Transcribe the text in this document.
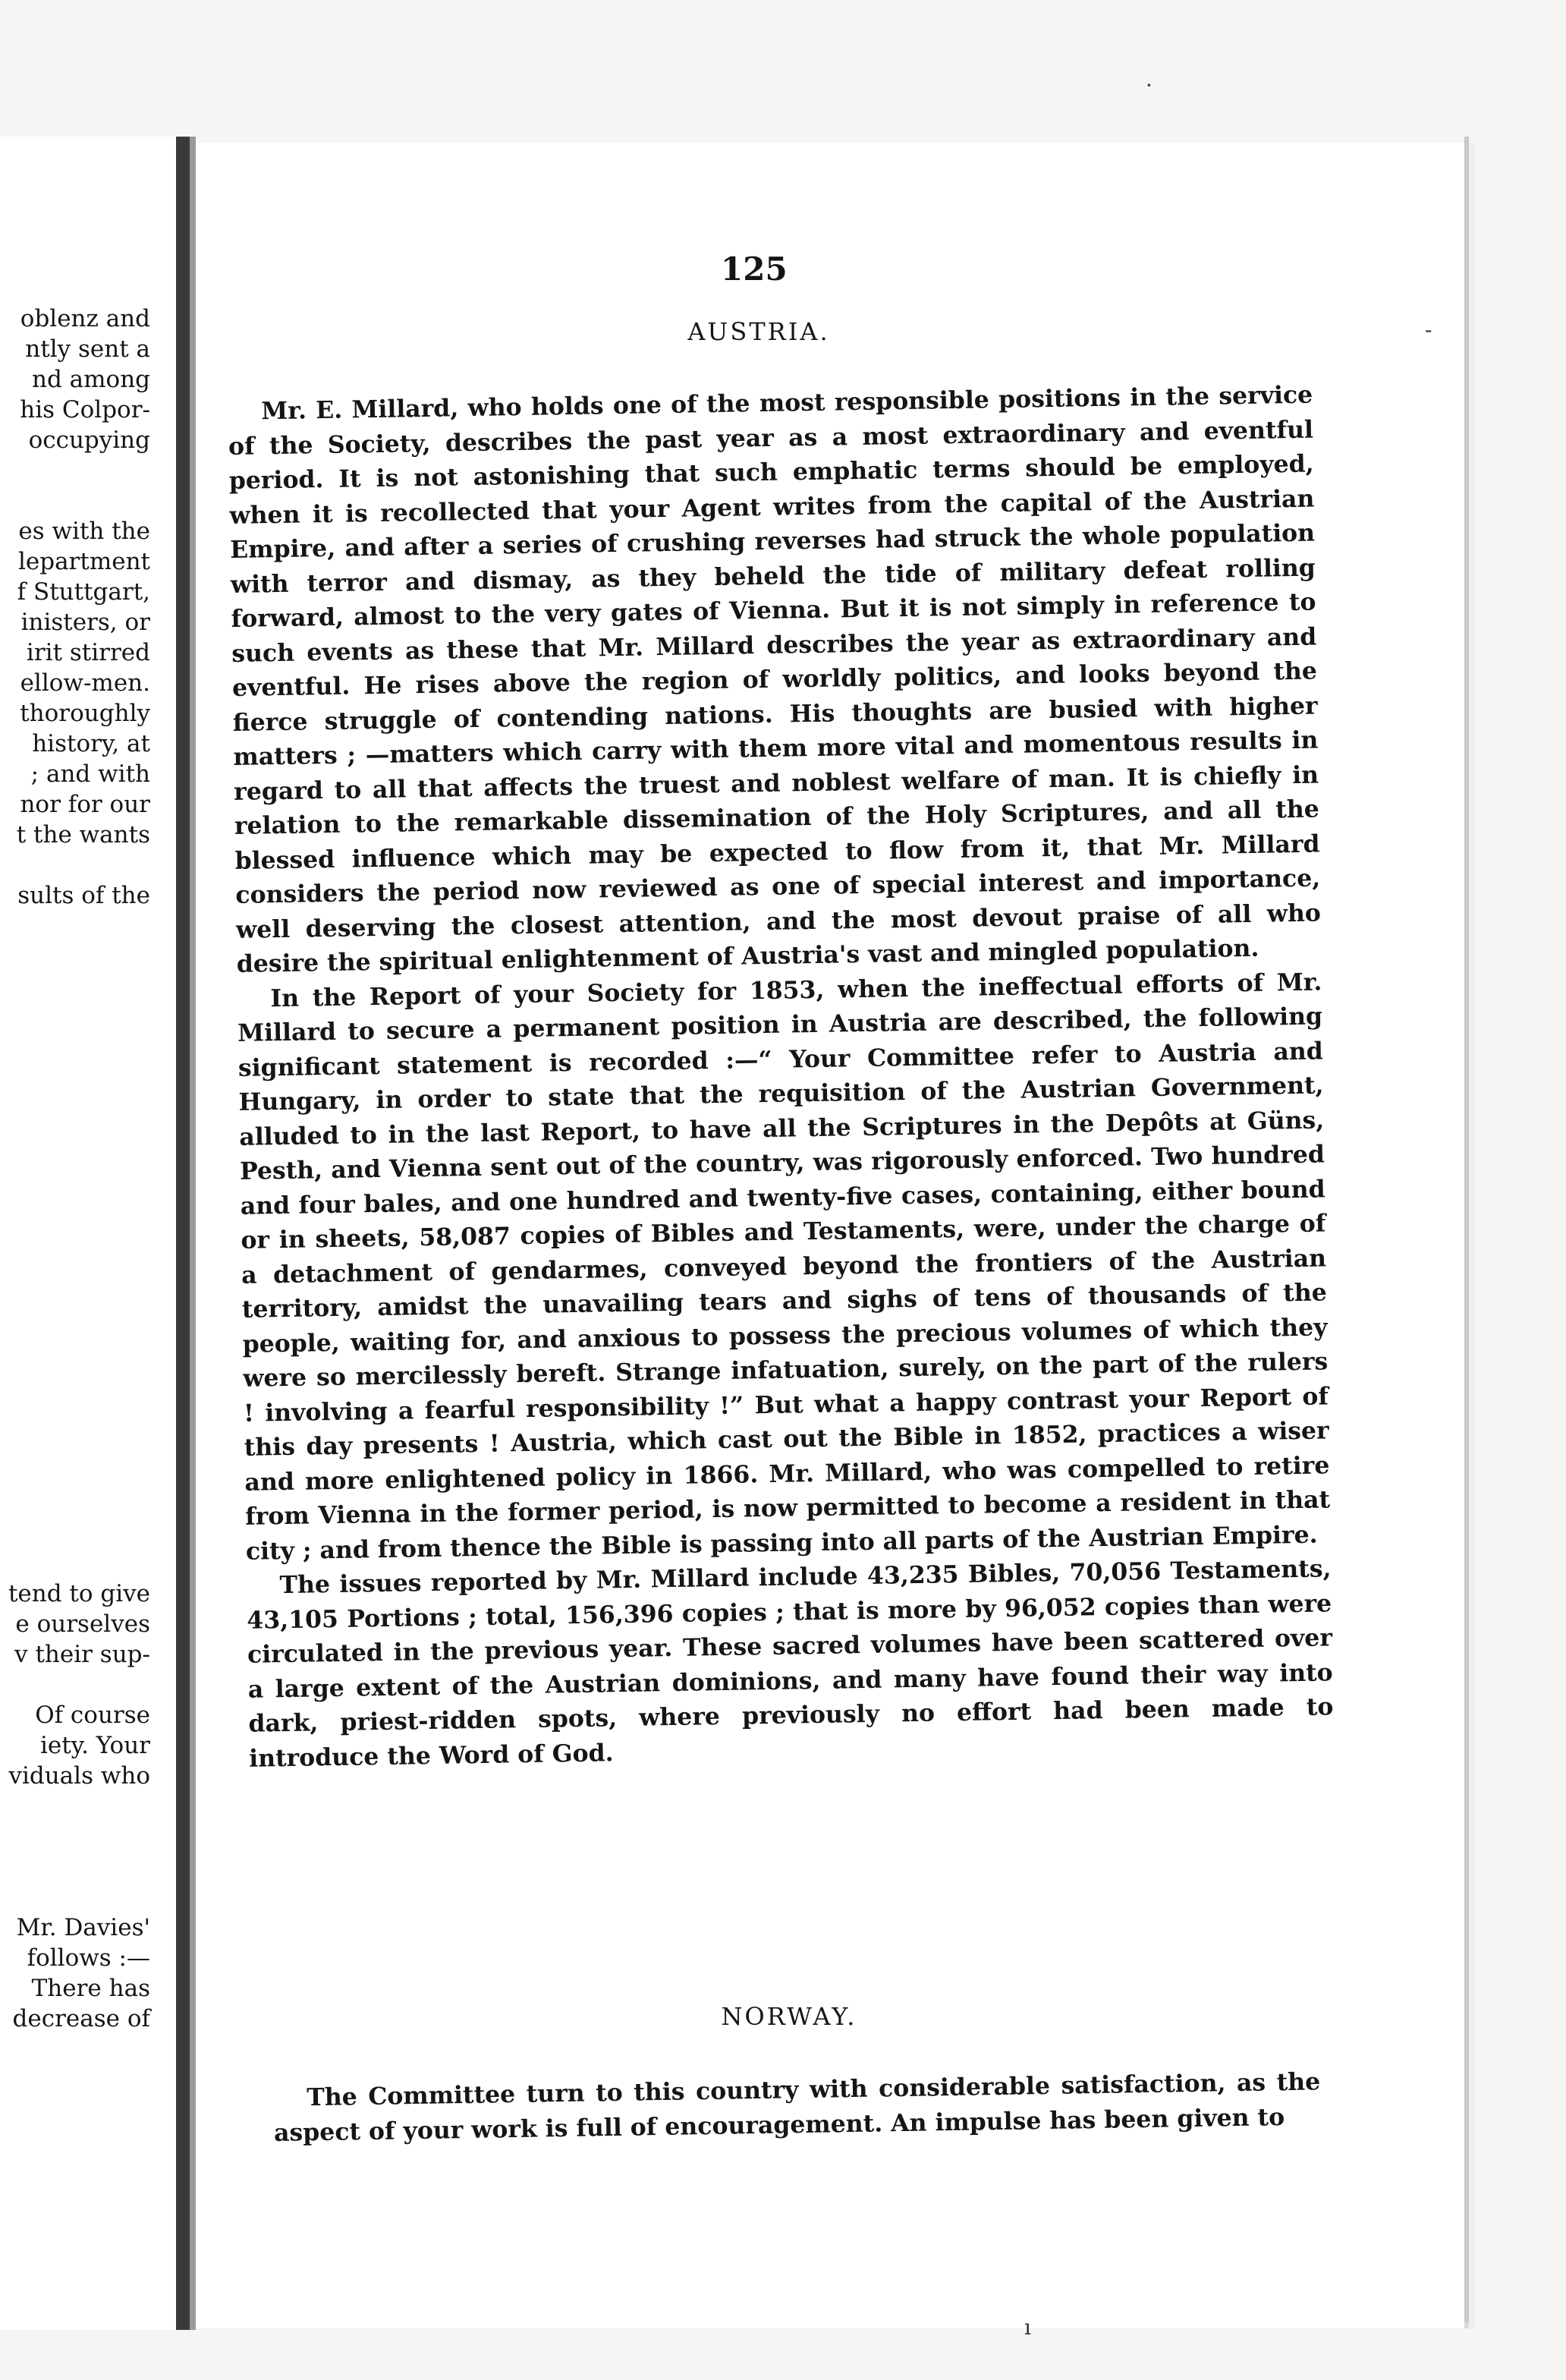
oblenz and
ntly sent a
nd among
his Colpor-
occupying
es with the
lepartment
f Stuttgart,
inisters, or
irit stirred
ellow-men.
thoroughly
history, at
; and with
nor for our
t the wants
sults of the
tend to give
e ourselves
v their sup-
Of course
iety. Your
viduals who
Mr. Davies'
follows :—
There has
decrease of
125
AUSTRIA.

Mr. E. Millard, who holds one of the most responsible positions in the service of the Society, describes the past year as a most extraordinary and eventful period. It is not astonishing that such emphatic terms should be employed, when it is recollected that your Agent writes from the capital of the Austrian Empire, and after a series of crushing reverses had struck the whole population with terror and dismay, as they beheld the tide of military defeat rolling forward, almost to the very gates of Vienna. But it is not simply in reference to such events as these that Mr. Millard describes the year as extraordinary and eventful. He rises above the region of worldly politics, and looks beyond the fierce struggle of contending nations. His thoughts are busied with higher matters ; —matters which carry with them more vital and momentous results in regard to all that affects the truest and noblest welfare of man. It is chiefly in relation to the remarkable dissemination of the Holy Scriptures, and all the blessed influence which may be expected to flow from it, that Mr. Millard considers the period now reviewed as one of special interest and importance, well deserving the closest attention, and the most devout praise of all who desire the spiritual enlightenment of Austria's vast and mingled population.

In the Report of your Society for 1853, when the ineffectual efforts of Mr. Millard to secure a permanent position in Austria are described, the following significant statement is recorded :—“ Your Committee refer to Austria and Hungary, in order to state that the requisition of the Austrian Government, alluded to in the last Report, to have all the Scriptures in the Depôts at Güns, Pesth, and Vienna sent out of the country, was rigorously enforced. Two hundred and four bales, and one hundred and twenty-five cases, containing, either bound or in sheets, 58,087 copies of Bibles and Testaments, were, under the charge of a detachment of gendarmes, conveyed beyond the frontiers of the Austrian territory, amidst the unavailing tears and sighs of tens of thousands of the people, waiting for, and anxious to possess the precious volumes of which they were so mercilessly bereft. Strange infatuation, surely, on the part of the rulers ! involving a fearful responsibility !” But what a happy contrast your Report of this day presents ! Austria, which cast out the Bible in 1852, practices a wiser and more enlightened policy in 1866. Mr. Millard, who was compelled to retire from Vienna in the former period, is now permitted to become a resident in that city ; and from thence the Bible is passing into all parts of the Austrian Empire.

The issues reported by Mr. Millard include 43,235 Bibles, 70,056 Testaments, 43,105 Portions ; total, 156,396 copies ; that is more by 96,052 copies than were circulated in the previous year. These sacred volumes have been scattered over a large extent of the Austrian dominions, and many have found their way into dark, priest-ridden spots, where previously no effort had been made to introduce the Word of God.

NORWAY.

The Committee turn to this country with considerable satisfaction, as the aspect of your work is full of encouragement. An impulse has been given to

·
-
ı
